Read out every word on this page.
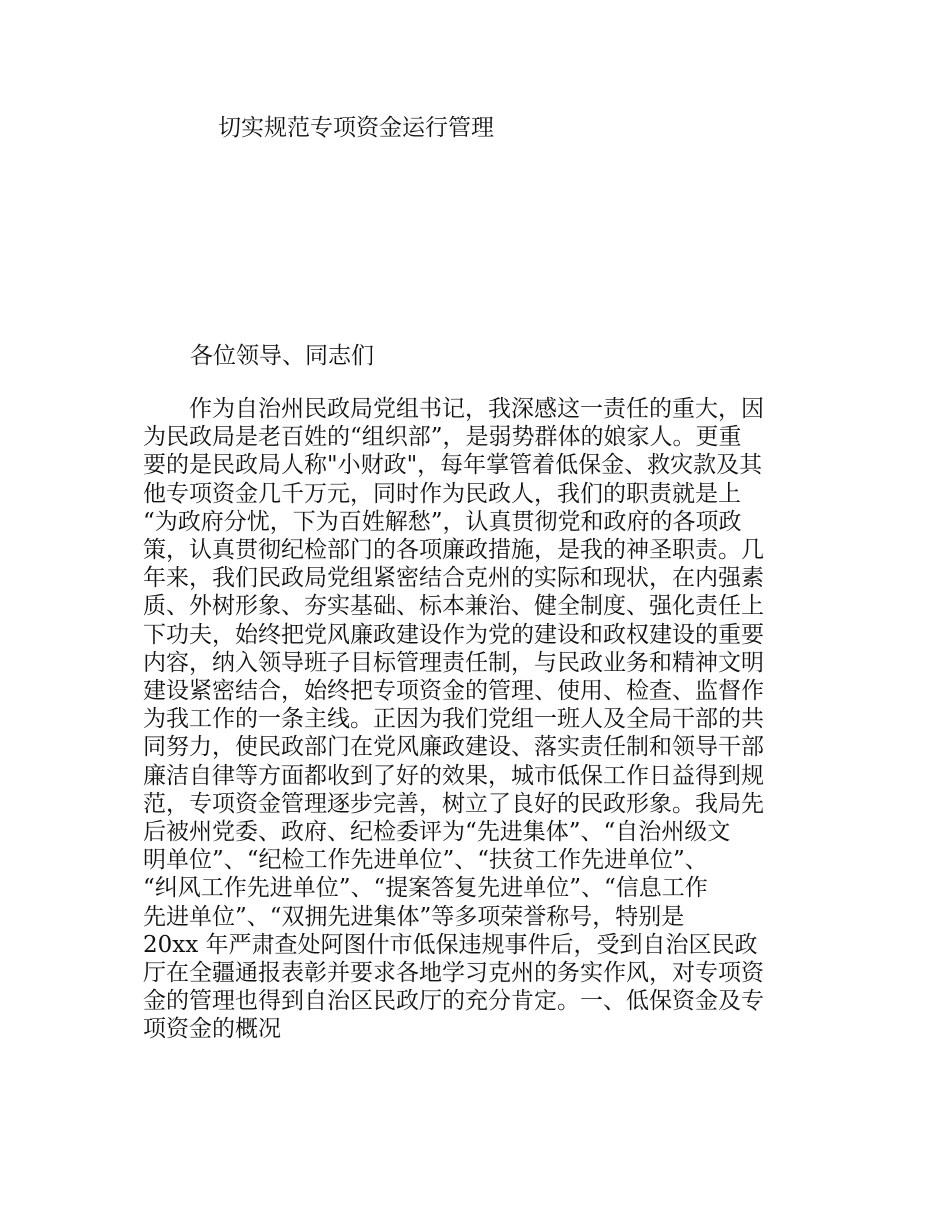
切实规范专项资金运行管理

各位领导、同志们

　　作为自治州民政局党组书记，我深感这一责任的重大，因
为民政局是老百姓的“组织部”，是弱势群体的娘家人。更重
要的是民政局人称"小财政"，每年掌管着低保金、救灾款及其
他专项资金几千万元，同时作为民政人，我们的职责就是上
“为政府分忧，下为百姓解愁”，认真贯彻党和政府的各项政
策，认真贯彻纪检部门的各项廉政措施，是我的神圣职责。几
年来，我们民政局党组紧密结合克州的实际和现状，在内强素
质、外树形象、夯实基础、标本兼治、健全制度、强化责任上
下功夫，始终把党风廉政建设作为党的建设和政权建设的重要
内容，纳入领导班子目标管理责任制，与民政业务和精神文明
建设紧密结合，始终把专项资金的管理、使用、检查、监督作
为我工作的一条主线。正因为我们党组一班人及全局干部的共
同努力，使民政部门在党风廉政建设、落实责任制和领导干部
廉洁自律等方面都收到了好的效果，城市低保工作日益得到规
范，专项资金管理逐步完善，树立了良好的民政形象。我局先
后被州党委、政府、纪检委评为“先进集体”、“自治州级文
明单位”、“纪检工作先进单位”、“扶贫工作先进单位”、
“纠风工作先进单位”、“提案答复先进单位”、“信息工作
先进单位”、“双拥先进集体”等多项荣誉称号，特别是
20xx 年严肃查处阿图什市低保违规事件后，受到自治区民政
厅在全疆通报表彰并要求各地学习克州的务实作风，对专项资
金的管理也得到自治区民政厅的充分肯定。一、低保资金及专
项资金的概况
